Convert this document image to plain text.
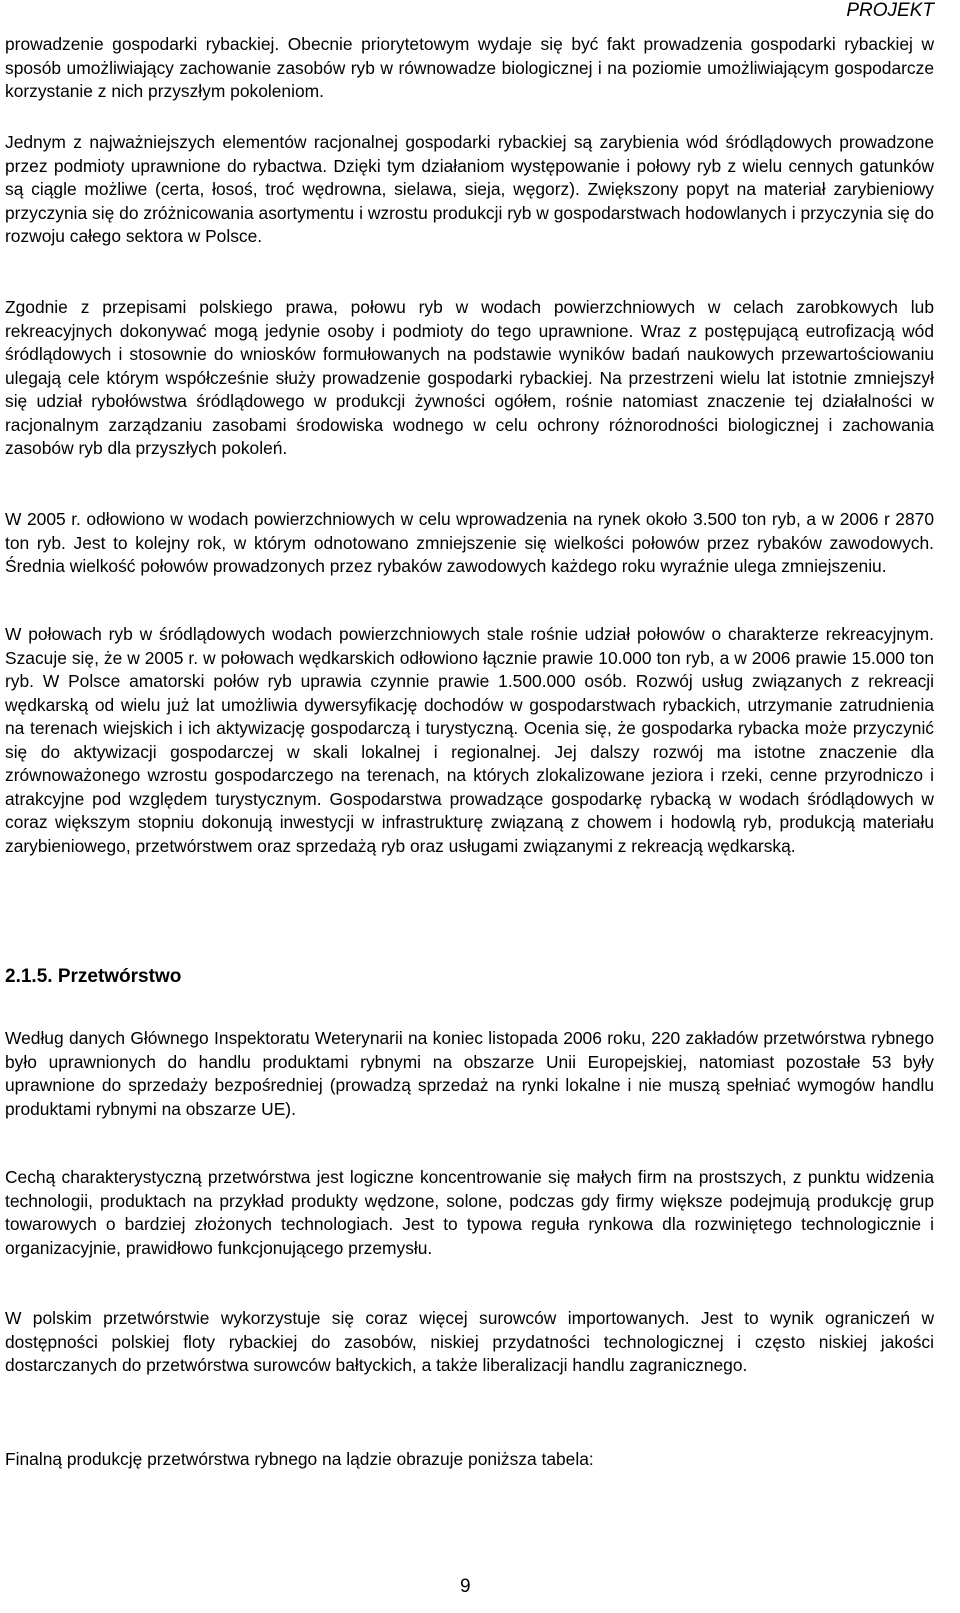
PROJEKT

prowadzenie gospodarki rybackiej. Obecnie priorytetowym wydaje się być fakt prowadzenia gospodarki rybackiej w sposób umożliwiający zachowanie zasobów ryb w równowadze biologicznej i na poziomie umożliwiającym gospodarcze korzystanie z nich przyszłym pokoleniom.

Jednym z najważniejszych elementów racjonalnej gospodarki rybackiej są zarybienia wód śródlądowych prowadzone przez podmioty uprawnione do rybactwa. Dzięki tym działaniom występowanie i połowy ryb z wielu cennych gatunków są ciągle możliwe (certa, łosoś, troć wędrowna, sielawa, sieja, węgorz). Zwiększony popyt na materiał zarybieniowy przyczynia się do zróżnicowania asortymentu i wzrostu produkcji ryb w gospodarstwach hodowlanych i przyczynia się do rozwoju całego sektora w Polsce.

Zgodnie z przepisami polskiego prawa, połowu ryb w wodach powierzchniowych w celach zarobkowych lub rekreacyjnych dokonywać mogą jedynie osoby i podmioty do tego uprawnione. Wraz z postępującą eutrofizacją wód śródlądowych i stosownie do wniosków formułowanych na podstawie wyników badań naukowych przewartościowaniu ulegają cele którym współcześnie służy prowadzenie gospodarki rybackiej. Na przestrzeni wielu lat istotnie zmniejszył się udział rybołówstwa śródlądowego w produkcji żywności ogółem, rośnie natomiast znaczenie tej działalności w racjonalnym zarządzaniu zasobami środowiska wodnego w celu ochrony różnorodności biologicznej i zachowania zasobów ryb dla przyszłych pokoleń.

W 2005 r. odłowiono w wodach powierzchniowych w celu wprowadzenia na rynek około 3.500 ton ryb, a w 2006 r 2870 ton ryb. Jest to kolejny rok, w którym odnotowano zmniejszenie się wielkości połowów przez rybaków zawodowych. Średnia wielkość połowów prowadzonych przez rybaków zawodowych każdego roku wyraźnie ulega zmniejszeniu.

W połowach ryb w śródlądowych wodach powierzchniowych stale rośnie udział połowów o charakterze rekreacyjnym. Szacuje się, że w 2005 r. w połowach wędkarskich odłowiono łącznie prawie 10.000 ton ryb, a w 2006 prawie 15.000 ton ryb. W Polsce amatorski połów ryb uprawia czynnie prawie 1.500.000 osób. Rozwój usług związanych z rekreacji wędkarską od wielu już lat umożliwia dywersyfikację dochodów w gospodarstwach rybackich, utrzymanie zatrudnienia na terenach wiejskich i ich aktywizację gospodarczą i turystyczną. Ocenia się, że gospodarka rybacka może przyczynić się do aktywizacji gospodarczej w skali lokalnej i regionalnej. Jej dalszy rozwój ma istotne znaczenie dla zrównoważonego wzrostu gospodarczego na terenach, na których zlokalizowane jeziora i rzeki, cenne przyrodniczo i atrakcyjne pod względem turystycznym. Gospodarstwa prowadzące gospodarkę rybacką w wodach śródlądowych w coraz większym stopniu dokonują inwestycji w infrastrukturę związaną z chowem i hodowlą ryb, produkcją materiału zarybieniowego, przetwórstwem oraz sprzedażą ryb oraz usługami związanymi z rekreacją wędkarską.

2.1.5. Przetwórstwo

Według danych Głównego Inspektoratu Weterynarii na koniec listopada 2006 roku, 220 zakładów przetwórstwa rybnego było uprawnionych do handlu produktami rybnymi na obszarze Unii Europejskiej, natomiast pozostałe 53 były uprawnione do sprzedaży bezpośredniej (prowadzą sprzedaż na rynki lokalne i nie muszą spełniać wymogów handlu produktami rybnymi na obszarze UE).

Cechą charakterystyczną przetwórstwa jest logiczne koncentrowanie się małych firm na prostszych, z punktu widzenia technologii, produktach na przykład produkty wędzone, solone, podczas gdy firmy większe podejmują produkcję grup towarowych o bardziej złożonych technologiach. Jest to typowa reguła rynkowa dla rozwiniętego technologicznie i organizacyjnie, prawidłowo funkcjonującego przemysłu.

W polskim przetwórstwie wykorzystuje się coraz więcej surowców importowanych. Jest to wynik ograniczeń w dostępności polskiej floty rybackiej do zasobów, niskiej przydatności technologicznej i często niskiej jakości dostarczanych do przetwórstwa surowców bałtyckich, a także liberalizacji handlu zagranicznego.

Finalną produkcję przetwórstwa rybnego na lądzie obrazuje poniższa tabela:

9
